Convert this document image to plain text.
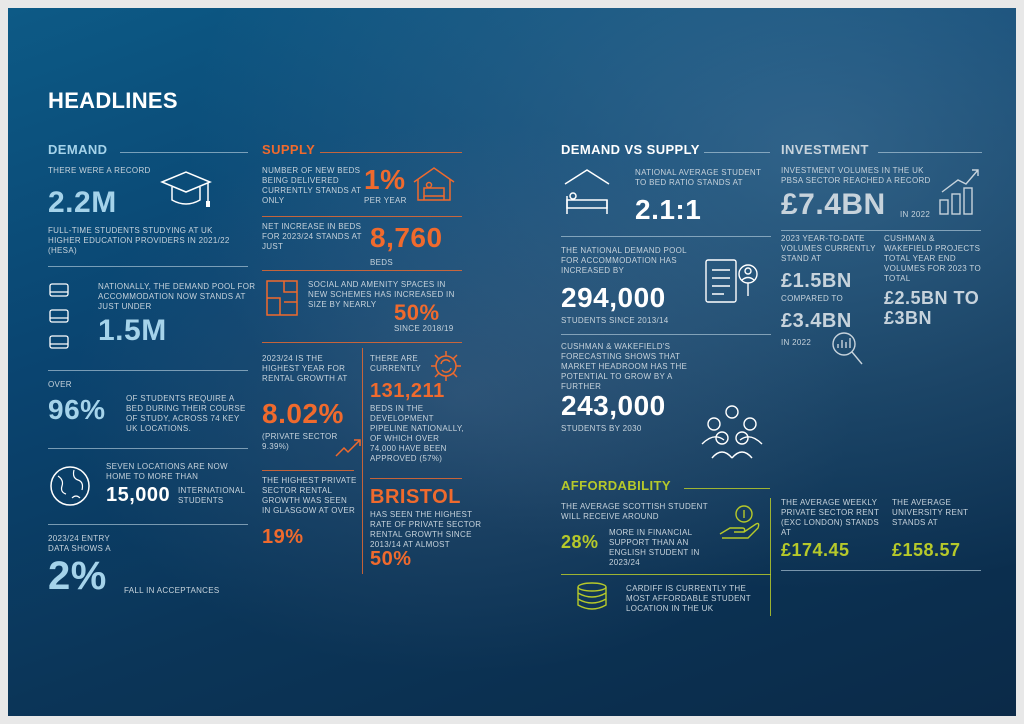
HEADLINES
DEMAND
THERE WERE A RECORD
2.2M
FULL-TIME STUDENTS STUDYING AT UK HIGHER EDUCATION PROVIDERS IN 2021/22 (HESA)
NATIONALLY, THE DEMAND POOL FOR ACCOMMODATION NOW STANDS AT JUST UNDER
1.5M
OVER
96%	OF STUDENTS REQUIRE A BED DURING THEIR COURSE OF STUDY, ACROSS 74 KEY UK LOCATIONS.
SEVEN LOCATIONS ARE NOW HOME TO MORE THAN
15,000 INTERNATIONAL STUDENTS
2023/24 ENTRY DATA SHOWS A
2% FALL IN ACCEPTANCES
SUPPLY
NUMBER OF NEW BEDS BEING DELIVERED CURRENTLY STANDS AT ONLY
1%
PER YEAR
NET INCREASE IN BEDS FOR 2023/24 STANDS AT JUST	8,760
BEDS
SOCIAL AND AMENITY SPACES IN NEW SCHEMES HAS INCREASED IN SIZE BY NEARLY 50%
SINCE 2018/19
2023/24 IS THE HIGHEST YEAR FOR RENTAL GROWTH AT
8.02%
(PRIVATE SECTOR 9.39%)
THERE ARE CURRENTLY
131,211
BEDS IN THE DEVELOPMENT PIPELINE NATIONALLY, OF WHICH OVER 74,000 HAVE BEEN APPROVED (57%)
THE HIGHEST PRIVATE SECTOR RENTAL GROWTH WAS SEEN IN GLASGOW AT OVER
19%
BRISTOL
HAS SEEN THE HIGHEST RATE OF PRIVATE SECTOR RENTAL GROWTH SINCE 2013/14 AT ALMOST
50%
DEMAND VS SUPPLY
NATIONAL AVERAGE STUDENT TO BED RATIO STANDS AT
2.1:1
THE NATIONAL DEMAND POOL FOR ACCOMMODATION HAS INCREASED BY
294,000
STUDENTS SINCE 2013/14
CUSHMAN & WAKEFIELD'S FORECASTING SHOWS THAT MARKET HEADROOM HAS THE POTENTIAL TO GROW BY A FURTHER
243,000
STUDENTS BY 2030
INVESTMENT
INVESTMENT VOLUMES IN THE UK PBSA SECTOR REACHED A RECORD
£7.4BN IN 2022
2023 YEAR-TO-DATE VOLUMES CURRENTLY STAND AT
£1.5BN
COMPARED TO
£3.4BN
IN 2022
CUSHMAN & WAKEFIELD PROJECTS TOTAL YEAR END VOLUMES FOR 2023 TO TOTAL
£2.5BN TO £3BN
AFFORDABILITY
THE AVERAGE SCOTTISH STUDENT WILL RECEIVE AROUND
28% MORE IN FINANCIAL SUPPORT THAN AN ENGLISH STUDENT IN 2023/24
CARDIFF IS CURRENTLY THE MOST AFFORDABLE STUDENT LOCATION IN THE UK
THE AVERAGE WEEKLY PRIVATE SECTOR RENT (EXC LONDON) STANDS AT
£174.45
THE AVERAGE UNIVERSITY RENT STANDS AT
£158.57
